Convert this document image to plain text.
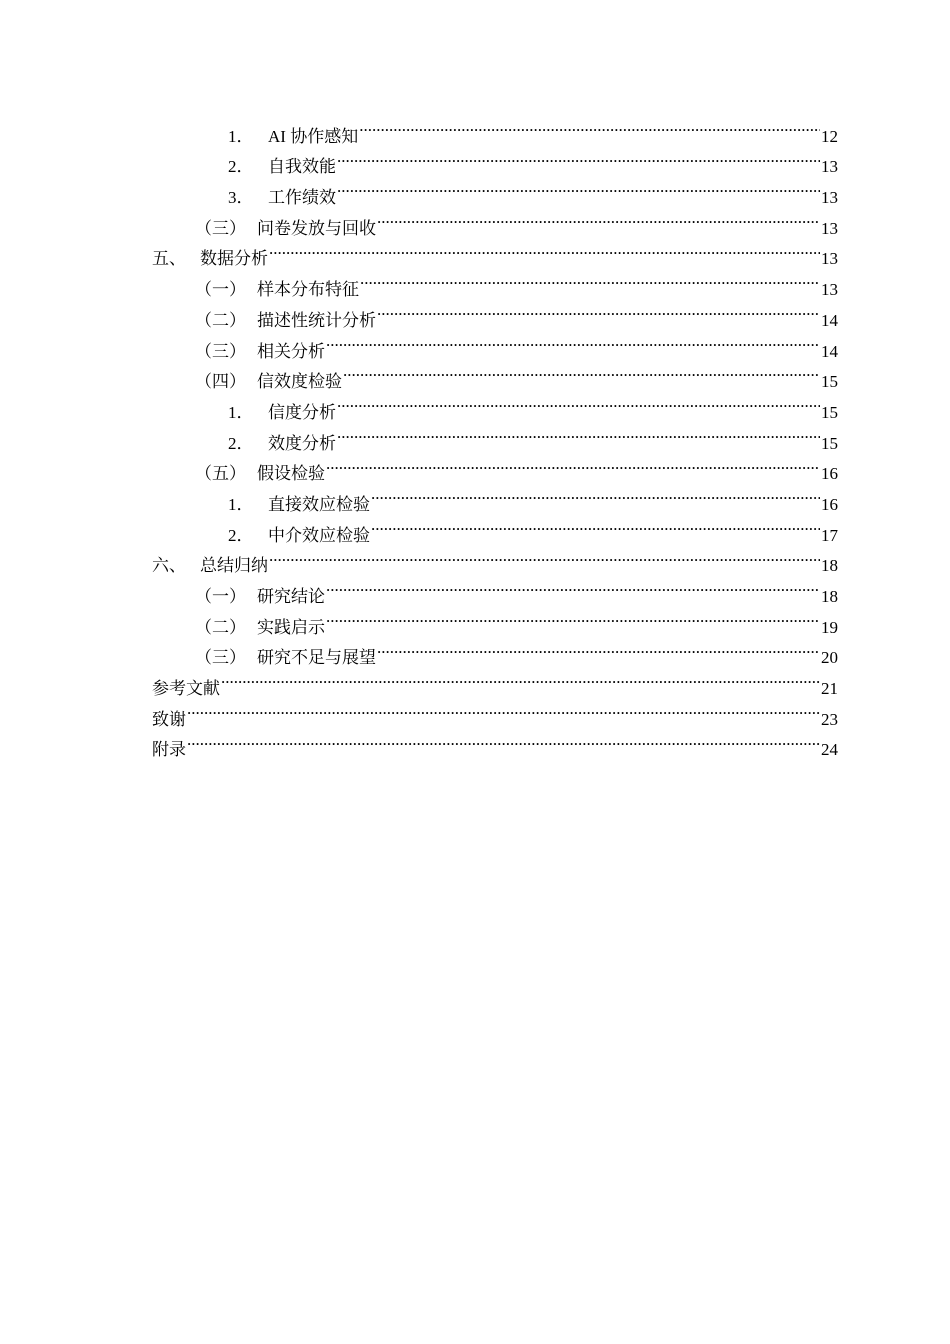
1． AI 协作感知 .....	12
2． 自我效能 .....	13
3． 工作绩效 .....	13
（三） 问卷发放与回收 .....	13
五、 数据分析 .....	13
（一） 样本分布特征 .....	13
（二） 描述性统计分析 .....	14
（三） 相关分析 .....	14
（四） 信效度检验 .....	15
1． 信度分析 .....	15
2． 效度分析 .....	15
（五） 假设检验 .....	16
1． 直接效应检验 .....	16
2． 中介效应检验 .....	17
六、 总结归纳 .....	18
（一） 研究结论 .....	18
（二） 实践启示 .....	19
（三） 研究不足与展望 .....	20
参考文献 .....	21
致谢 .....	23
附录 .....	24
